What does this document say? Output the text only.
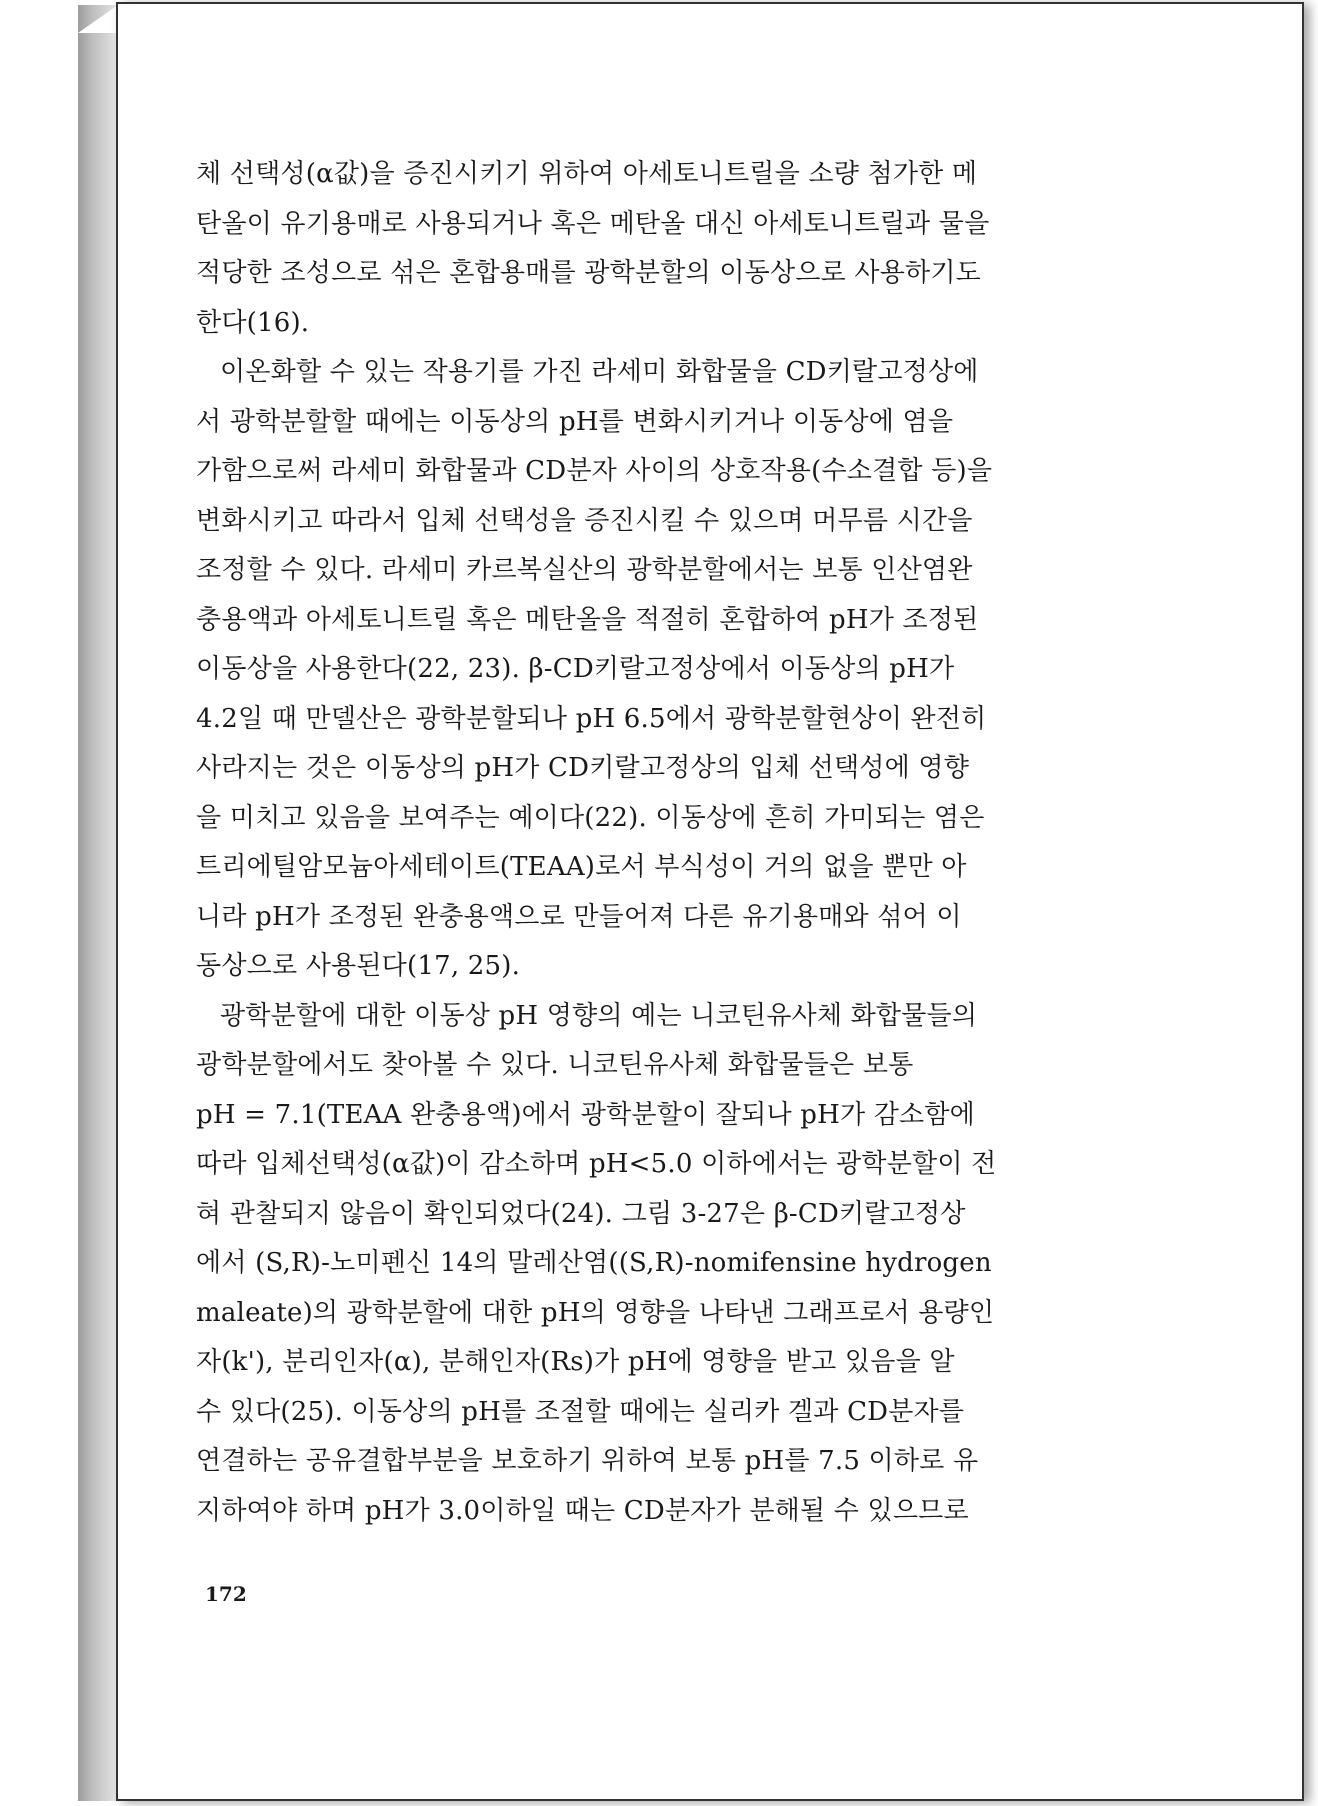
체 선택성(α값)을 증진시키기 위하여 아세토니트릴을 소량 첨가한 메
탄올이 유기용매로 사용되거나 혹은 메탄올 대신 아세토니트릴과 물을
적당한 조성으로 섞은 혼합용매를 광학분할의 이동상으로 사용하기도
한다(16).
이온화할 수 있는 작용기를 가진 라세미 화합물을 CD키랄고정상에
서 광학분할할 때에는 이동상의 pH를 변화시키거나 이동상에 염을
가함으로써 라세미 화합물과 CD분자 사이의 상호작용(수소결합 등)을
변화시키고 따라서 입체 선택성을 증진시킬 수 있으며 머무름 시간을
조정할 수 있다. 라세미 카르복실산의 광학분할에서는 보통 인산염완
충용액과 아세토니트릴 혹은 메탄올을 적절히 혼합하여 pH가 조정된
이동상을 사용한다(22, 23). β-CD키랄고정상에서 이동상의 pH가
4.2일 때 만델산은 광학분할되나 pH 6.5에서 광학분할현상이 완전히
사라지는 것은 이동상의 pH가 CD키랄고정상의 입체 선택성에 영향
을 미치고 있음을 보여주는 예이다(22). 이동상에 흔히 가미되는 염은
트리에틸암모늄아세테이트(TEAA)로서 부식성이 거의 없을 뿐만 아
니라 pH가 조정된 완충용액으로 만들어져 다른 유기용매와 섞어 이
동상으로 사용된다(17, 25).
광학분할에 대한 이동상 pH 영향의 예는 니코틴유사체 화합물들의
광학분할에서도 찾아볼 수 있다. 니코틴유사체 화합물들은 보통
pH = 7.1(TEAA 완충용액)에서 광학분할이 잘되나 pH가 감소함에
따라 입체선택성(α값)이 감소하며 pH<5.0 이하에서는 광학분할이 전
혀 관찰되지 않음이 확인되었다(24). 그림 3-27은 β-CD키랄고정상
에서 (S,R)-노미펜신 14의 말레산염((S,R)-nomifensine hydrogen
maleate)의 광학분할에 대한 pH의 영향을 나타낸 그래프로서 용량인
자(k'), 분리인자(α), 분해인자(Rs)가 pH에 영향을 받고 있음을 알
수 있다(25). 이동상의 pH를 조절할 때에는 실리카 겔과 CD분자를
연결하는 공유결합부분을 보호하기 위하여 보통 pH를 7.5 이하로 유
지하여야 하며 pH가 3.0이하일 때는 CD분자가 분해될 수 있으므로
172
